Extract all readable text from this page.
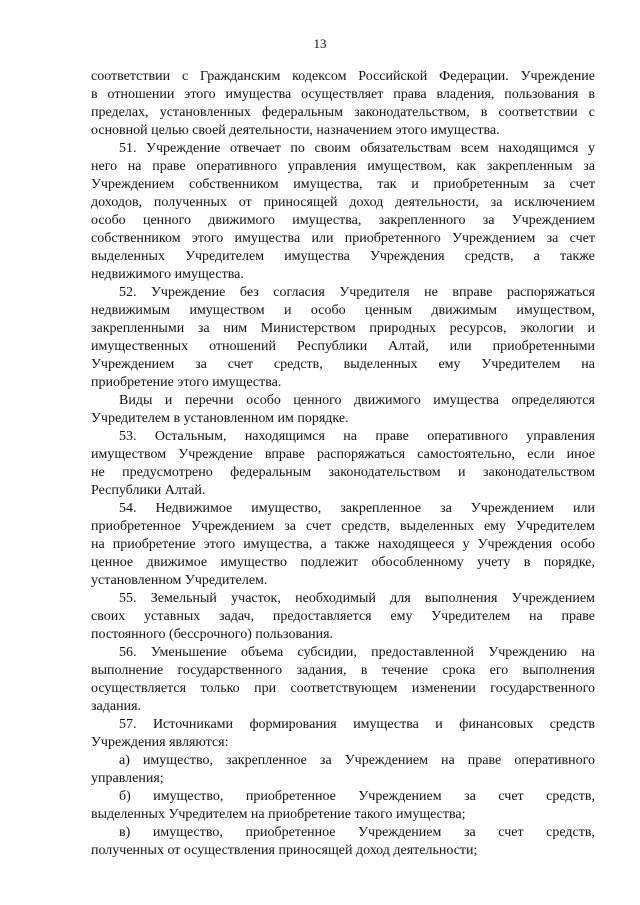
13
соответствии с Гражданским кодексом Российской Федерации. Учреждение
в отношении этого имущества осуществляет права владения, пользования в
пределах, установленных федеральным законодательством, в соответствии с
основной целью своей деятельности, назначением этого имущества.
51. Учреждение отвечает по своим обязательствам всем находящимся у
него на праве оперативного управления имуществом, как закрепленным за
Учреждением собственником имущества, так и приобретенным за счет
доходов, полученных от приносящей доход деятельности, за исключением
особо ценного движимого имущества, закрепленного за Учреждением
собственником этого имущества или приобретенного Учреждением за счет
выделенных Учредителем имущества Учреждения средств, а также
недвижимого имущества.
52. Учреждение без согласия Учредителя не вправе распоряжаться
недвижимым имуществом и особо ценным движимым имуществом,
закрепленными за ним Министерством природных ресурсов, экологии и
имущественных отношений Республики Алтай, или приобретенными
Учреждением за счет средств, выделенных ему Учредителем на
приобретение этого имущества.
Виды и перечни особо ценного движимого имущества определяются
Учредителем в установленном им порядке.
53. Остальным, находящимся на праве оперативного управления
имуществом Учреждение вправе распоряжаться самостоятельно, если иное
не предусмотрено федеральным законодательством и законодательством
Республики Алтай.
54. Недвижимое имущество, закрепленное за Учреждением или
приобретенное Учреждением за счет средств, выделенных ему Учредителем
на приобретение этого имущества, а также находящееся у Учреждения особо
ценное движимое имущество подлежит обособленному учету в порядке,
установленном Учредителем.
55. Земельный участок, необходимый для выполнения Учреждением
своих уставных задач, предоставляется ему Учредителем на праве
постоянного (бессрочного) пользования.
56. Уменьшение объема субсидии, предоставленной Учреждению на
выполнение государственного задания, в течение срока его выполнения
осуществляется только при соответствующем изменении государственного
задания.
57. Источниками формирования имущества и финансовых средств
Учреждения являются:
а) имущество, закрепленное за Учреждением на праве оперативного
управления;
б) имущество, приобретенное Учреждением за счет средств,
выделенных Учредителем на приобретение такого имущества;
в) имущество, приобретенное Учреждением за счет средств,
полученных от осуществления приносящей доход деятельности;
